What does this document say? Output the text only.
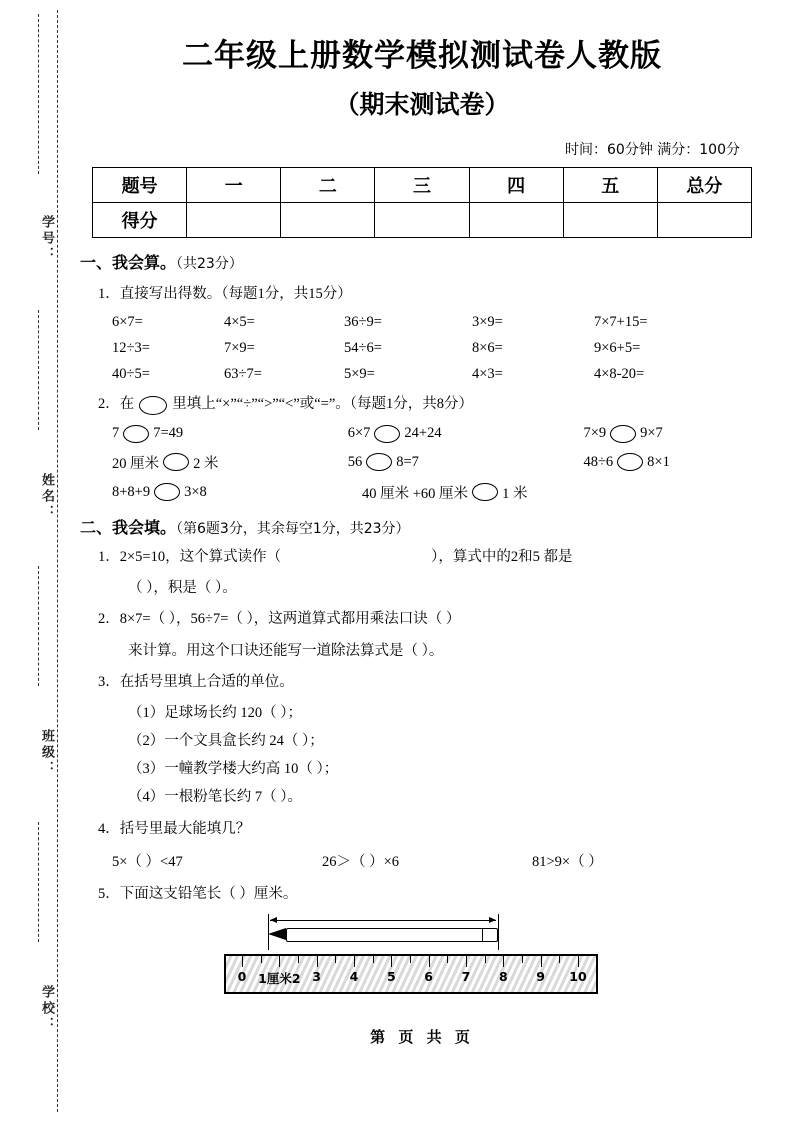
学号：
姓名：
班级：
学校：
二年级上册数学模拟测试卷人教版
（期末测试卷）
时间：60分钟 满分：100分
题号	一	二	三	四	五	总分
得分						
一、我会算。（共23分）
1．直接写出得数。（每题1分，共15分）
6×7=	4×5=	36÷9=	3×9=	7×7+15=
12÷3=	7×9=	54÷6=	8×6=	9×6+5=
40÷5=	63÷7=	5×9=	4×3=	4×8-20=
2．在	里填上“×”“÷”“>”“<”或“=”。（每题1分，共8分）
7 7=49	6×7 24+24	7×9 9×7
20 厘米 2 米	56 8=7	48÷6 8×1
8+8+9 3×8	40 厘米 +60 厘米 1 米
二、我会填。（第6题3分，其余每空1分，共23分）
1．2×5=10，这个算式读作（	），算式中的2和5 都是
（ ），积是（ ）。
2．8×7=（ ），56÷7=（ ），这两道算式都用乘法口诀（ ）
来计算。用这个口诀还能写一道除法算式是（ ）。
3．在括号里填上合适的单位。
（1）足球场长约 120（ ）；
（2）一个文具盒长约 24（ ）；
（3）一幢教学楼大约高 10（ ）；
（4）一根粉笔长约 7（ ）。
4．括号里最大能填几？
5×（ ）<47	26＞（ ）×6	81>9×（ ）
5．下面这支铅笔长（ ）厘米。
0 1厘米2 3 4 5 6 7 8 9 10
第 页 共 页
